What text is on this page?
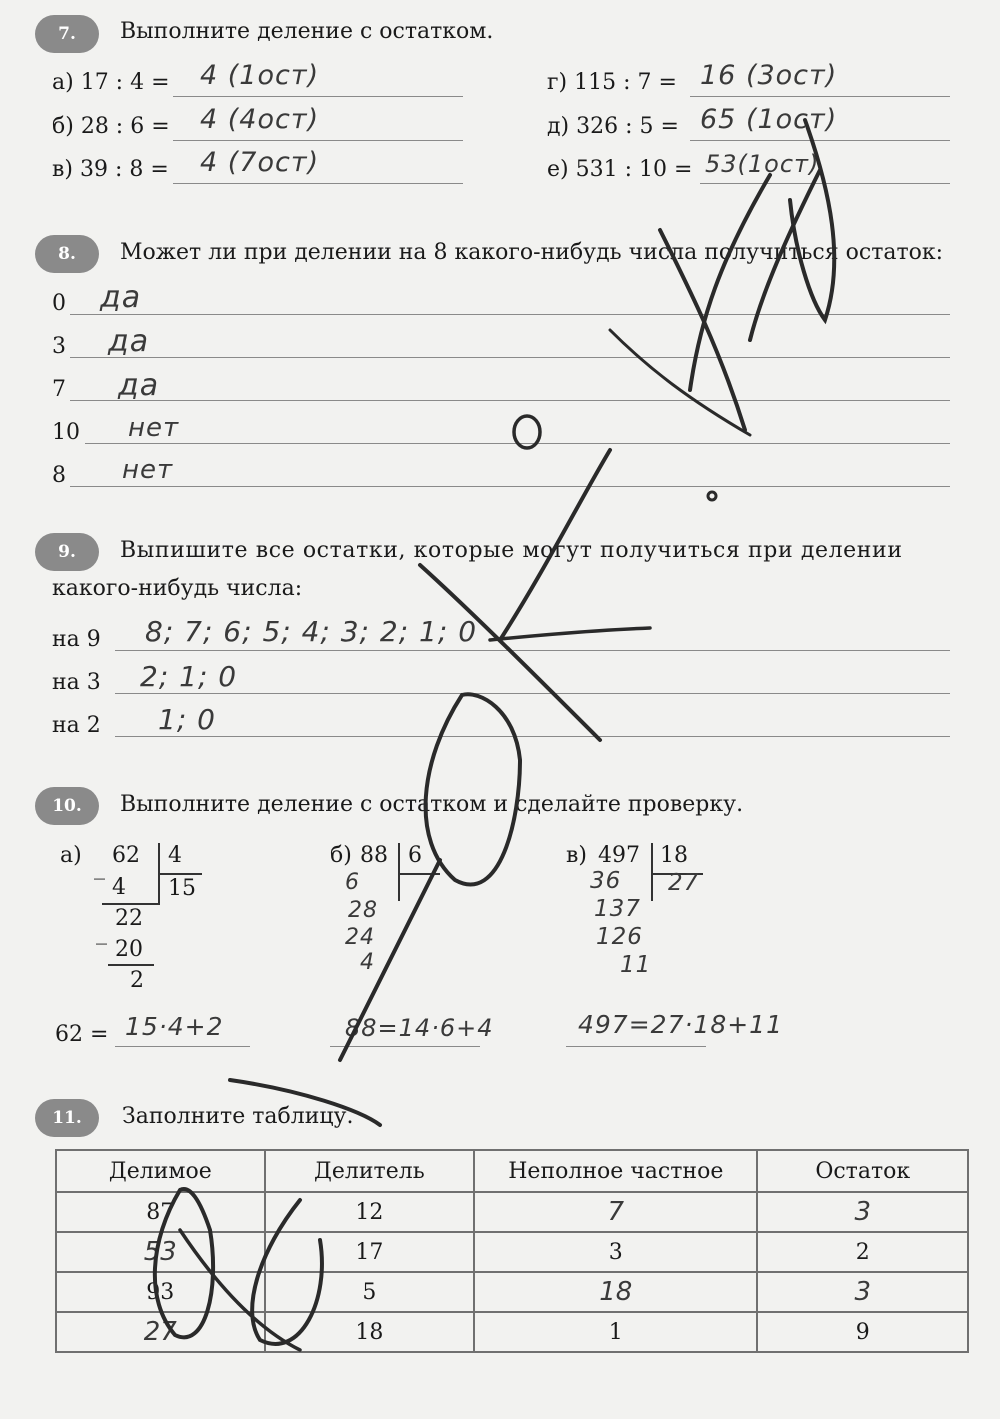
7.	Выполните деление с остатком.
а) 17 : 4 = 4 (1ост)
б) 28 : 6 = 4 (4ост)
в) 39 : 8 = 4 (7ост)
г) 115 : 7 = 16 (3ост)
д) 326 : 5 = 65 (1ост)
е) 531 : 10 = 53(1ост)
8.	Может ли при делении на 8 какого-нибудь числа получиться остаток:
0 да
3 да
7 да
10 нет
8 нет
9.	Выпишите все остатки, которые могут получиться при делении
какого-нибудь числа:
на 9 8; 7; 6; 5; 4; 3; 2; 1; 0
на 3 2; 1; 0
на 2 1; 0
10.	Выполните деление с остатком и сделайте проверку.
а) _ 62 4
4 15
_
22
20
2
62 = 15·4+2
б) 88 6
6
28
24
4
88=14·6+4
в) 497 18
36 27
137
126
11
497=27·18+11
11.	Заполните таблицу.
Делимое	Делитель	Неполное частное	Остаток
87	12	7	3
53	17	3	2
93	5	18	3
27	18	1	9
